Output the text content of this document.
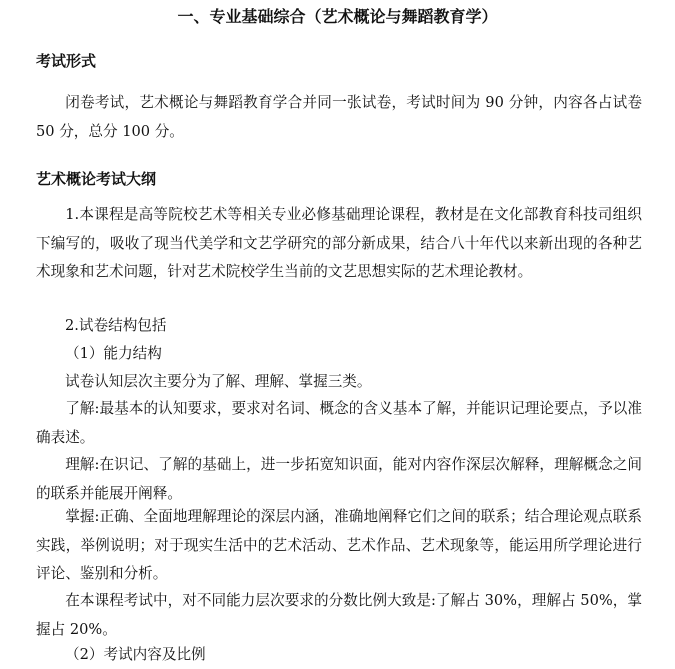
一、专业基础综合（艺术概论与舞蹈教育学）
考试形式

闭卷考试，艺术概论与舞蹈教育学合并同一张试卷，考试时间为 90 分钟，内容各占试卷 50 分，总分 100 分。

艺术概论考试大纲

1.本课程是高等院校艺术等相关专业必修基础理论课程，教材是在文化部教育科技司组织下编写的，吸收了现当代美学和文艺学研究的部分新成果，结合八十年代以来新出现的各种艺术现象和艺术问题，针对艺术院校学生当前的文艺思想实际的艺术理论教材。

2.试卷结构包括
（1）能力结构
试卷认知层次主要分为了解、理解、掌握三类。

了解:最基本的认知要求，要求对名词、概念的含义基本了解，并能识记理论要点，予以准确表述。

理解:在识记、了解的基础上，进一步拓宽知识面，能对内容作深层次解释，理解概念之间的联系并能展开阐释。

掌握:正确、全面地理解理论的深层内涵，准确地阐释它们之间的联系；结合理论观点联系实践，举例说明；对于现实生活中的艺术活动、艺术作品、艺术现象等，能运用所学理论进行评论、鉴别和分析。

在本课程考试中，对不同能力层次要求的分数比例大致是:了解占 30%，理解占 50%，掌握占 20%。

（2）考试内容及比例
